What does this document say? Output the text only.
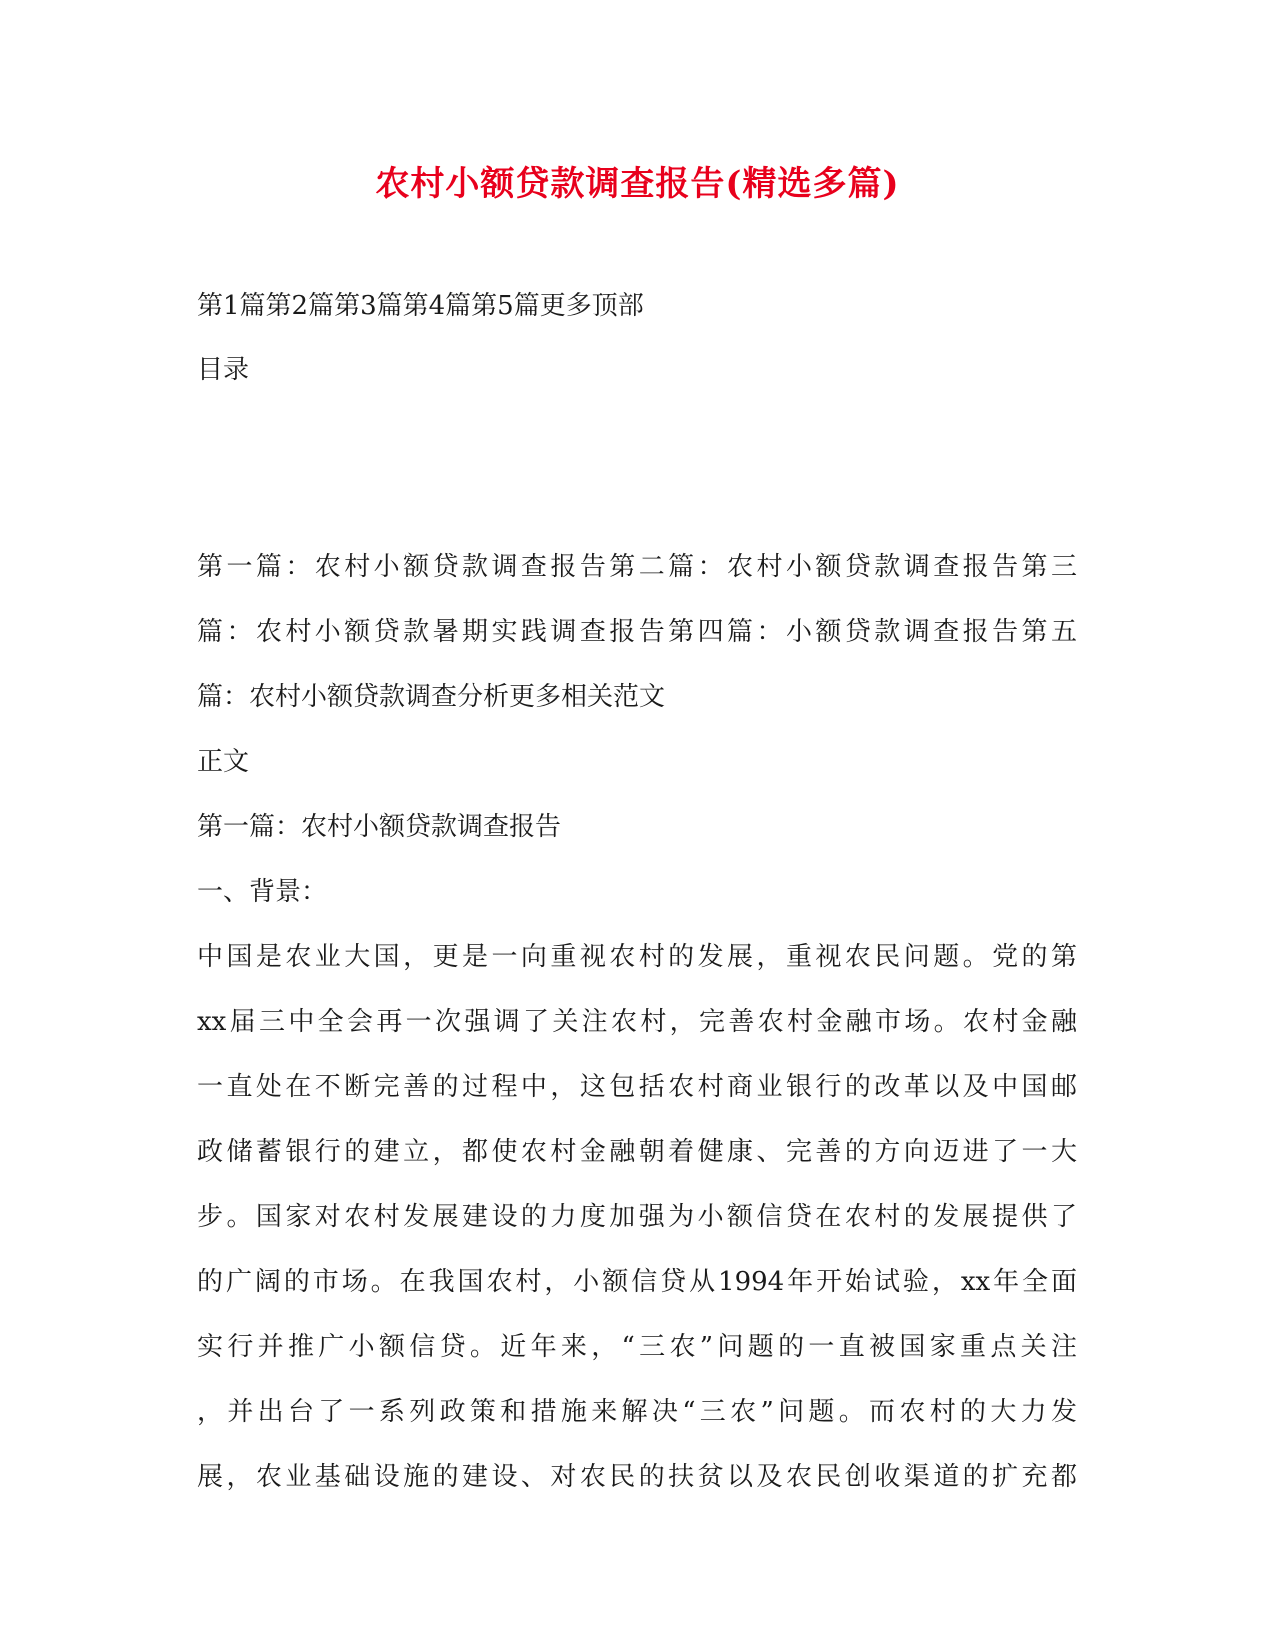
农村小额贷款调查报告(精选多篇)
第1篇第2篇第3篇第4篇第5篇更多顶部
目录
第一篇：农村小额贷款调查报告第二篇：农村小额贷款调查报告第三
篇：农村小额贷款暑期实践调查报告第四篇：小额贷款调查报告第五
篇：农村小额贷款调查分析更多相关范文
正文
第一篇：农村小额贷款调查报告
一、背景：
中国是农业大国，更是一向重视农村的发展，重视农民问题。党的第
xx届三中全会再一次强调了关注农村，完善农村金融市场。农村金融
一直处在不断完善的过程中，这包括农村商业银行的改革以及中国邮
政储蓄银行的建立，都使农村金融朝着健康、完善的方向迈进了一大
步。国家对农村发展建设的力度加强为小额信贷在农村的发展提供了
的广阔的市场。在我国农村，小额信贷从1994年开始试验，xx年全面
实行并推广小额信贷。近年来，“三农”问题的一直被国家重点关注
，并出台了一系列政策和措施来解决“三农”问题。而农村的大力发
展，农业基础设施的建设、对农民的扶贫以及农民创收渠道的扩充都
